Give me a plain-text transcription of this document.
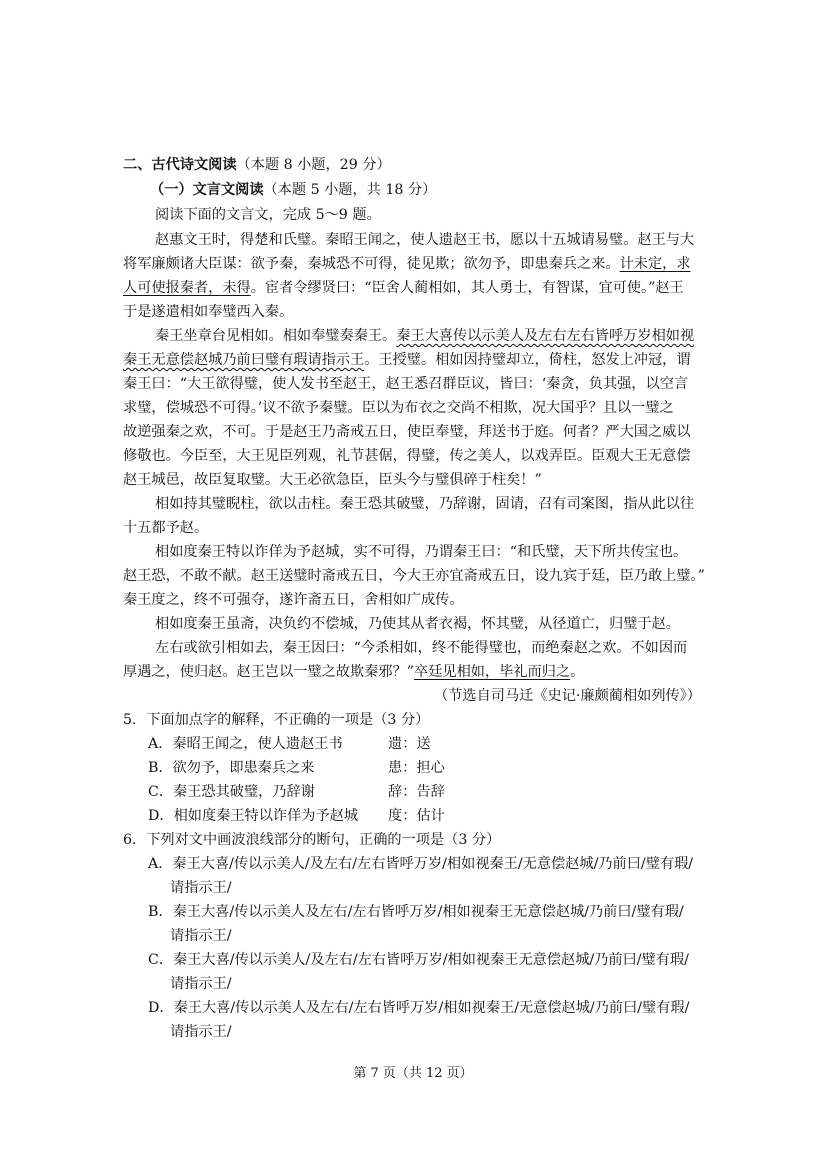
二、古代诗文阅读（本题 8 小题，29 分）
（一）文言文阅读（本题 5 小题，共 18 分）
阅读下面的文言文，完成 5～9 题。
赵惠文王时，得楚和氏璧。秦昭王闻之，使人遗赵王书，愿以十五城请易璧。赵王与大
将军廉颇诸大臣谋：欲予秦，秦城恐不可得，徒见欺；欲勿予，即患秦兵之来。计未定，求
人可使报秦者，未得。宦者令缪贤曰：“臣舍人蔺相如，其人勇士，有智谋，宜可使。”赵王
于是遂遣相如奉璧西入秦。
秦王坐章台见相如。相如奉璧奏秦王。秦王大喜传以示美人及左右左右皆呼万岁相如视
秦王无意偿赵城乃前曰璧有瑕请指示王。王授璧。相如因持璧却立，倚柱，怒发上冲冠，谓
秦王曰：“大王欲得璧，使人发书至赵王，赵王悉召群臣议，皆曰：‘秦贪，负其强，以空言
求璧，偿城恐不可得。’议不欲予秦璧。臣以为布衣之交尚不相欺，况大国乎？且以一璧之
故逆强秦之欢，不可。于是赵王乃斋戒五日，使臣奉璧，拜送书于庭。何者？严大国之威以
修敬也。今臣至，大王见臣列观，礼节甚倨，得璧，传之美人，以戏弄臣。臣观大王无意偿
赵王城邑，故臣复取璧。大王必欲急臣，臣头今与璧俱碎于柱矣！”
相如持其璧睨柱，欲以击柱。秦王恐其破璧，乃辞谢，固请，召有司案图，指从此以往
十五都予赵。
相如度秦王特以诈佯为予赵城，实不可得，乃谓秦王曰：“和氏璧，天下所共传宝也。
赵王恐，不敢不献。赵王送璧时斋戒五日，今大王亦宜斋戒五日，设九宾于廷，臣乃敢上璧。”
秦王度之，终不可强夺，遂许斋五日，舍相如广成传。
相如度秦王虽斋，决负约不偿城，乃使其从者衣褐，怀其璧，从径道亡，归璧于赵。
左右或欲引相如去，秦王因曰：“今杀相如，终不能得璧也，而绝秦赵之欢。不如因而
厚遇之，使归赵。赵王岂以一璧之故欺秦邪？”卒廷见相如，毕礼而归之。
（节选自司马迁《史记·廉颇蔺相如列传》）
5．下面加点字的解释，不正确的一项是（3 分）
A．秦昭王闻之，使人遗赵王书	遗：送
B．欲勿予，即患秦兵之来	患：担心
C．秦王恐其破璧，乃辞谢	辞：告辞
D．相如度秦王特以诈佯为予赵城 度：估计
6．下列对文中画波浪线部分的断句，正确的一项是（3 分）
A．秦王大喜/传以示美人/及左右/左右皆呼万岁/相如视秦王/无意偿赵城/乃前曰/璧有瑕/
请指示王/
B．秦王大喜/传以示美人及左右/左右皆呼万岁/相如视秦王无意偿赵城/乃前曰/璧有瑕/
请指示王/
C．秦王大喜/传以示美人/及左右/左右皆呼万岁/相如视秦王无意偿赵城/乃前曰/璧有瑕/
请指示王/
D．秦王大喜/传以示美人及左右/左右皆呼万岁/相如视秦王/无意偿赵城/乃前曰/璧有瑕/
请指示王/
第 7 页（共 12 页）
